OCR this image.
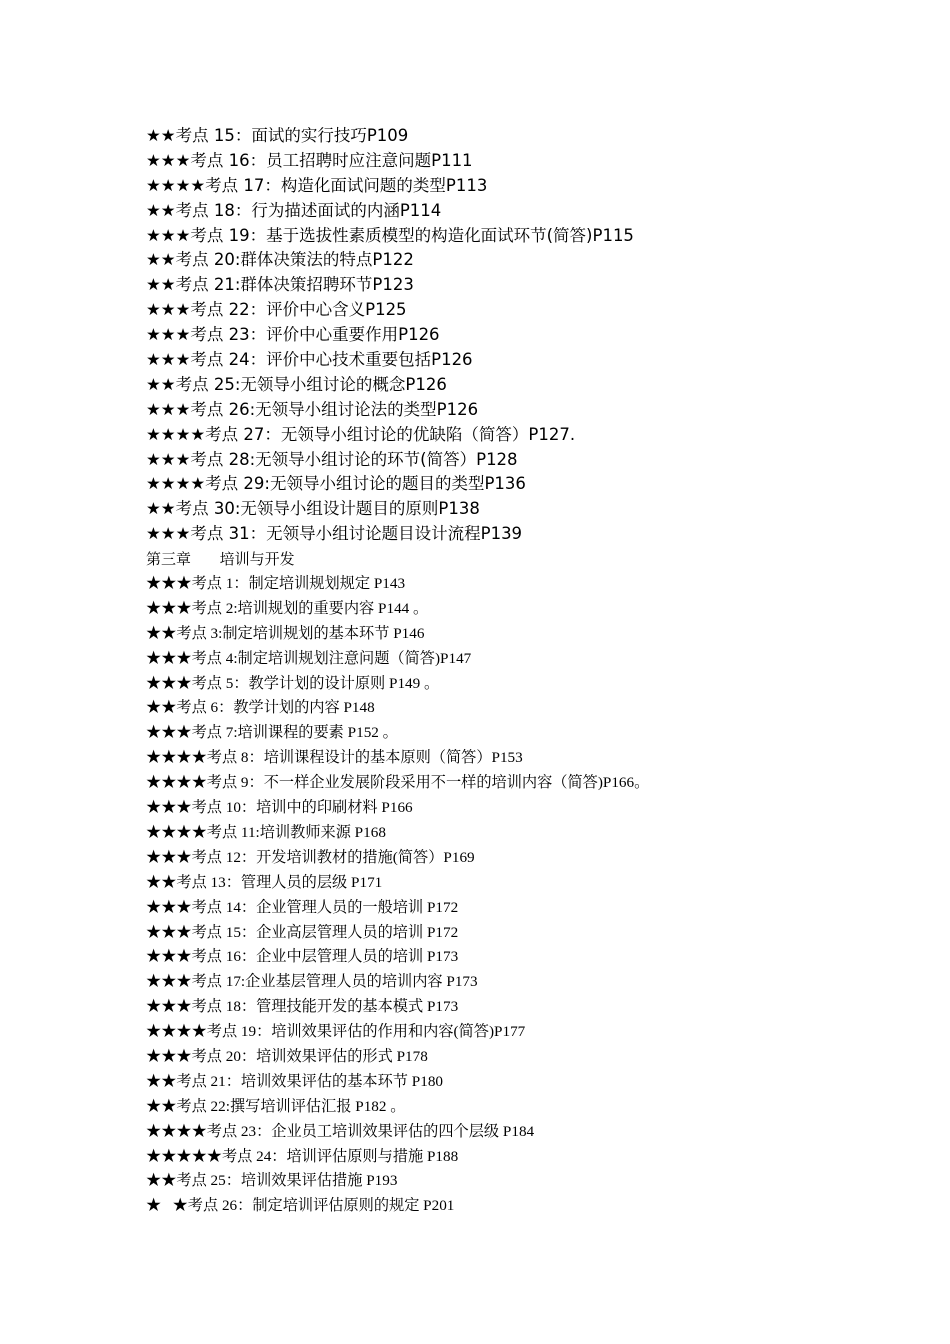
★★考点 15：面试的实行技巧P109
★★★考点 16：员工招聘时应注意问题P111
★★★★考点 17：构造化面试问题的类型P113
★★考点 18：行为描述面试的内涵P114
★★★考点 19：基于选拔性素质模型的构造化面试环节(简答)P115
★★考点 20:群体决策法的特点P122
★★考点 21:群体决策招聘环节P123
★★★考点 22：评价中心含义P125
★★★考点 23：评价中心重要作用P126
★★★考点 24：评价中心技术重要包括P126
★★考点 25:无领导小组讨论的概念P126
★★★考点 26:无领导小组讨论法的类型P126
★★★★考点 27：无领导小组讨论的优缺陷（简答）P127.
★★★考点 28:无领导小组讨论的环节(简答）P128
★★★★考点 29:无领导小组讨论的题目的类型P136
★★考点 30:无领导小组设计题目的原则P138
★★★考点 31：无领导小组讨论题目设计流程P139
第三章      培训与开发
★★★考点 1：制定培训规划规定 P143
★★★考点 2:培训规划的重要内容 P144 。
★★考点 3:制定培训规划的基本环节 P146
★★★考点 4:制定培训规划注意问题（简答)P147
★★★考点 5：教学计划的设计原则 P149 。
★★考点 6：教学计划的内容 P148
★★★考点 7:培训课程的要素 P152 。
★★★★考点 8：培训课程设计的基本原则（简答）P153
★★★★考点 9：不一样企业发展阶段采用不一样的培训内容（简答)P166。
★★★考点 10：培训中的印刷材料 P166
★★★★考点 11:培训教师来源 P168
★★★考点 12：开发培训教材的措施(简答）P169
★★考点 13：管理人员的层级 P171
★★★考点 14：企业管理人员的一般培训 P172
★★★考点 15：企业高层管理人员的培训 P172
★★★考点 16：企业中层管理人员的培训 P173
★★★考点 17:企业基层管理人员的培训内容 P173
★★★考点 18：管理技能开发的基本模式 P173
★★★★考点 19：培训效果评估的作用和内容(简答)P177
★★★考点 20：培训效果评估的形式 P178
★★考点 21：培训效果评估的基本环节 P180
★★考点 22:撰写培训评估汇报 P182 。
★★★★考点 23：企业员工培训效果评估的四个层级 P184
★★★★★考点 24：培训评估原则与措施 P188
★★考点 25：培训效果评估措施 P193
★   ★考点 26：制定培训评估原则的规定 P201
